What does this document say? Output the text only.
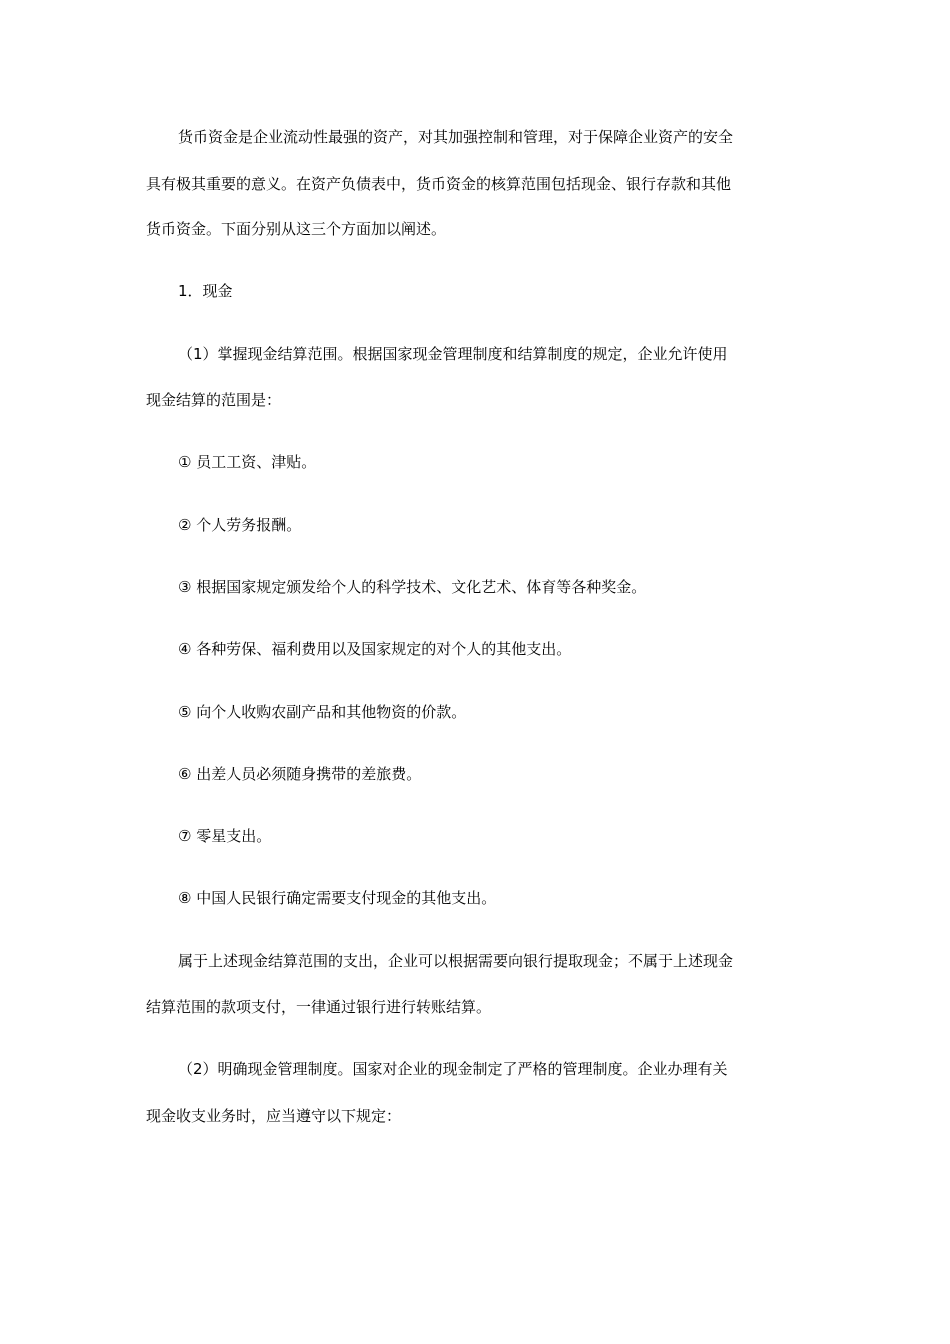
货币资金是企业流动性最强的资产，对其加强控制和管理，对于保障企业资产的安全
具有极其重要的意义。在资产负债表中，货币资金的核算范围包括现金、银行存款和其他
货币资金。下面分别从这三个方面加以阐述。
1．现金
（1）掌握现金结算范围。根据国家现金管理制度和结算制度的规定，企业允许使用
现金结算的范围是：
① 员工工资、津贴。
② 个人劳务报酬。
③ 根据国家规定颁发给个人的科学技术、文化艺术、体育等各种奖金。
④ 各种劳保、福利费用以及国家规定的对个人的其他支出。
⑤ 向个人收购农副产品和其他物资的价款。
⑥ 出差人员必须随身携带的差旅费。
⑦ 零星支出。
⑧ 中国人民银行确定需要支付现金的其他支出。
属于上述现金结算范围的支出，企业可以根据需要向银行提取现金；不属于上述现金
结算范围的款项支付，一律通过银行进行转账结算。
（2）明确现金管理制度。国家对企业的现金制定了严格的管理制度。企业办理有关
现金收支业务时，应当遵守以下规定：
